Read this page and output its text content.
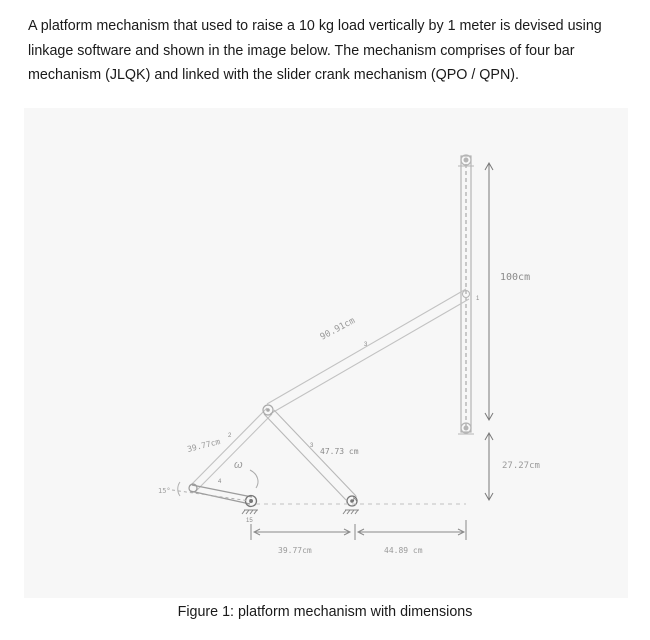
A platform mechanism that used to raise a 10 kg load vertically by 1 meter is devised using
linkage software and shown in the image below. The mechanism comprises of four bar
mechanism (JLQK) and linked with the slider crank mechanism (QPO / QPN).
100cm
1
27.27cm
90.91cm
3
39.77cm
2
47.73 cm
3
4
ω
15
K
15°
39.77cm	44.89 cm
Figure 1: platform mechanism with dimensions
